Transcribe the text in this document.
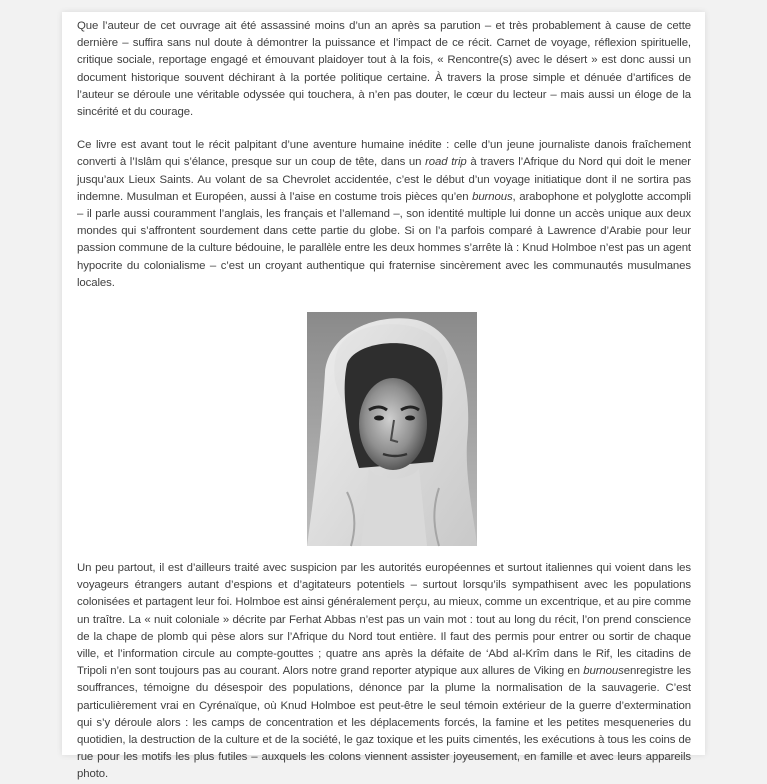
Que l’auteur de cet ouvrage ait été assassiné moins d’un an après sa parution – et très probablement à cause de cette dernière – suffira sans nul doute à démontrer la puissance et l’impact de ce récit. Carnet de voyage, réflexion spirituelle, critique sociale, reportage engagé et émouvant plaidoyer tout à la fois, « Rencontre(s) avec le désert » est donc aussi un document historique souvent déchirant à la portée politique certaine. À travers la prose simple et dénuée d’artifices de l’auteur se déroule une véritable odyssée qui touchera, à n’en pas douter, le cœur du lecteur – mais aussi un éloge de la sincérité et du courage.

Ce livre est avant tout le récit palpitant d’une aventure humaine inédite : celle d’un jeune journaliste danois fraîchement converti à l’Islâm qui s’élance, presque sur un coup de tête, dans un road trip à travers l’Afrique du Nord qui doit le mener jusqu’aux Lieux Saints. Au volant de sa Chevrolet accidentée, c’est le début d’un voyage initiatique dont il ne sortira pas indemne. Musulman et Européen, aussi à l’aise en costume trois pièces qu’en burnous, arabophone et polyglotte accompli – il parle aussi couramment l’anglais, les français et l’allemand –, son identité multiple lui donne un accès unique aux deux mondes qui s’affrontent sourdement dans cette partie du globe. Si on l’a parfois comparé à Lawrence d’Arabie pour leur passion commune de la culture bédouine, le parallèle entre les deux hommes s’arrête là : Knud Holmboe n’est pas un agent hypocrite du colonialisme – c’est un croyant authentique qui fraternise sincèrement avec les communautés musulmanes locales.

Un peu partout, il est d’ailleurs traité avec suspicion par les autorités européennes et surtout italiennes qui voient dans les voyageurs étrangers autant d’espions et d’agitateurs potentiels – surtout lorsqu’ils sympathisent avec les populations colonisées et partagent leur foi. Holmboe est ainsi généralement perçu, au mieux, comme un excentrique, et au pire comme un traître. La « nuit coloniale » décrite par Ferhat Abbas n’est pas un vain mot : tout au long du récit, l’on prend conscience de la chape de plomb qui pèse alors sur l’Afrique du Nord tout entière. Il faut des permis pour entrer ou sortir de chaque ville, et l’information circule au compte-gouttes ; quatre ans après la défaite de ‘Abd al-Krîm dans le Rif, les citadins de Tripoli n’en sont toujours pas au courant. Alors notre grand reporter atypique aux allures de Viking en burnousenregistre les souffrances, témoigne du désespoir des populations, dénonce par la plume la normalisation de la sauvagerie. C’est particulièrement vrai en Cyrénaïque, où Knud Holmboe est peut-être le seul témoin extérieur de la guerre d’extermination qui s’y déroule alors : les camps de concentration et les déplacements forcés, la famine et les petites mesqueneries du quotidien, la destruction de la culture et de la société, le gaz toxique et les puits cimentés, les exécutions à tous les coins de rue pour les motifs les plus futiles – auxquels les colons viennent assister joyeusement, en famille et avec leurs appareils photo.
